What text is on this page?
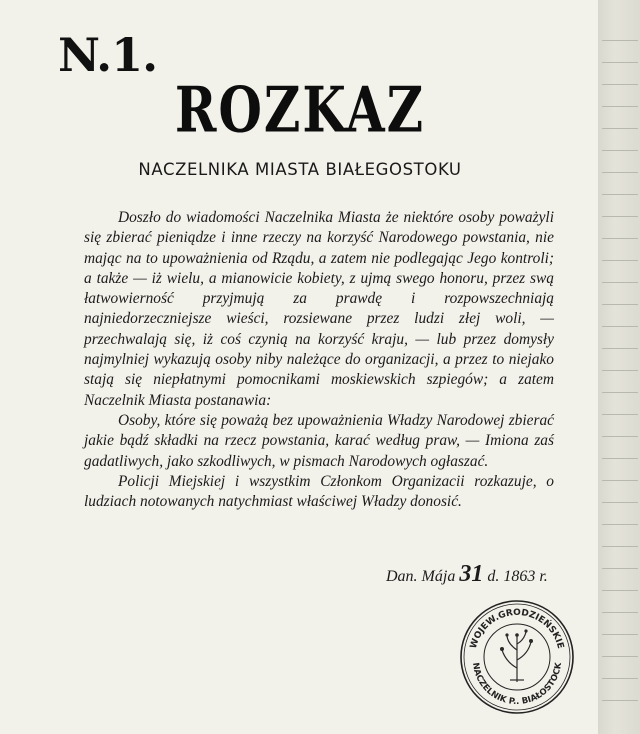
N.1.
ROZKAZ
NACZELNIKA MIASTA BIAŁEGOSTOKU

Doszło do wiadomości Naczelnika Miasta że niektóre osoby poważyli się zbierać pieniądze i inne rzeczy na korzyść Narodowego powstania, nie mając na to upoważnienia od Rządu, a zatem nie podlegając Jego kontroli; a także — iż wielu, a mianowicie kobiety, z ujmą swego honoru, przez swą łatwowierność przyjmują za prawdę i rozpowszechniają najniedorzeczniejsze wieści, rozsiewane przez ludzi złej woli, — przechwalają się, iż coś czynią na korzyść kraju, — lub przez domysły najmylniej wykazują osoby niby należące do organizacji, a przez to niejako stają się niepłatnymi pomocnikami moskiewskich szpiegów; a zatem Naczelnik Miasta postanawia:

Osoby, które się poważą bez upoważnienia Władzy Narodowej zbierać jakie bądź składki na rzecz powstania, karać według praw, — Imiona zaś gadatliwych, jako szkodliwych, w pismach Narodowych ogłaszać.

Policji Miejskiej i wszystkim Członkom Organizacii rozkazuje, o ludziach notowanych natychmiast właściwej Władzy donosić.

Dan. Mája 31 d. 1863 r.
WOJEW.GRODZIEŃSKIE
NACZELNIK P.. BIAŁOSTOCK
